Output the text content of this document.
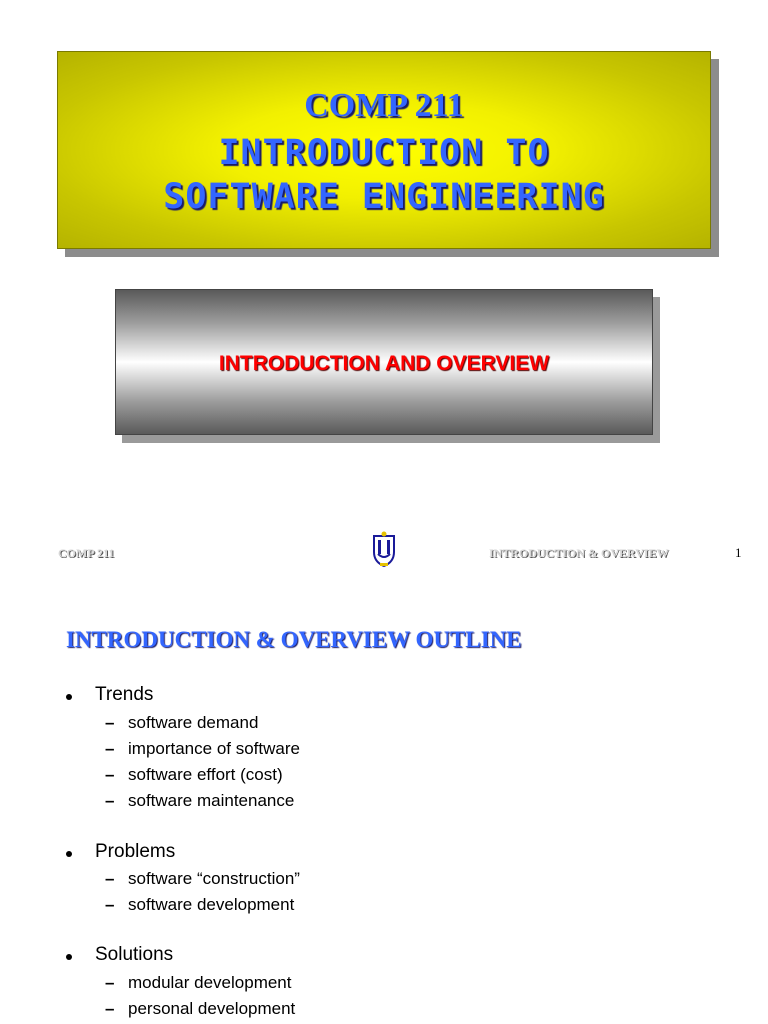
COMP 211
INTRODUCTION TO
SOFTWARE ENGINEERING
INTRODUCTION AND OVERVIEW
COMP 211	INTRODUCTION & OVERVIEW	1
INTRODUCTION & OVERVIEW OUTLINE
Trends
– software demand
– importance of software
– software effort (cost)
– software maintenance
Problems
– software “construction”
– software development
Solutions
– modular development
– personal development
